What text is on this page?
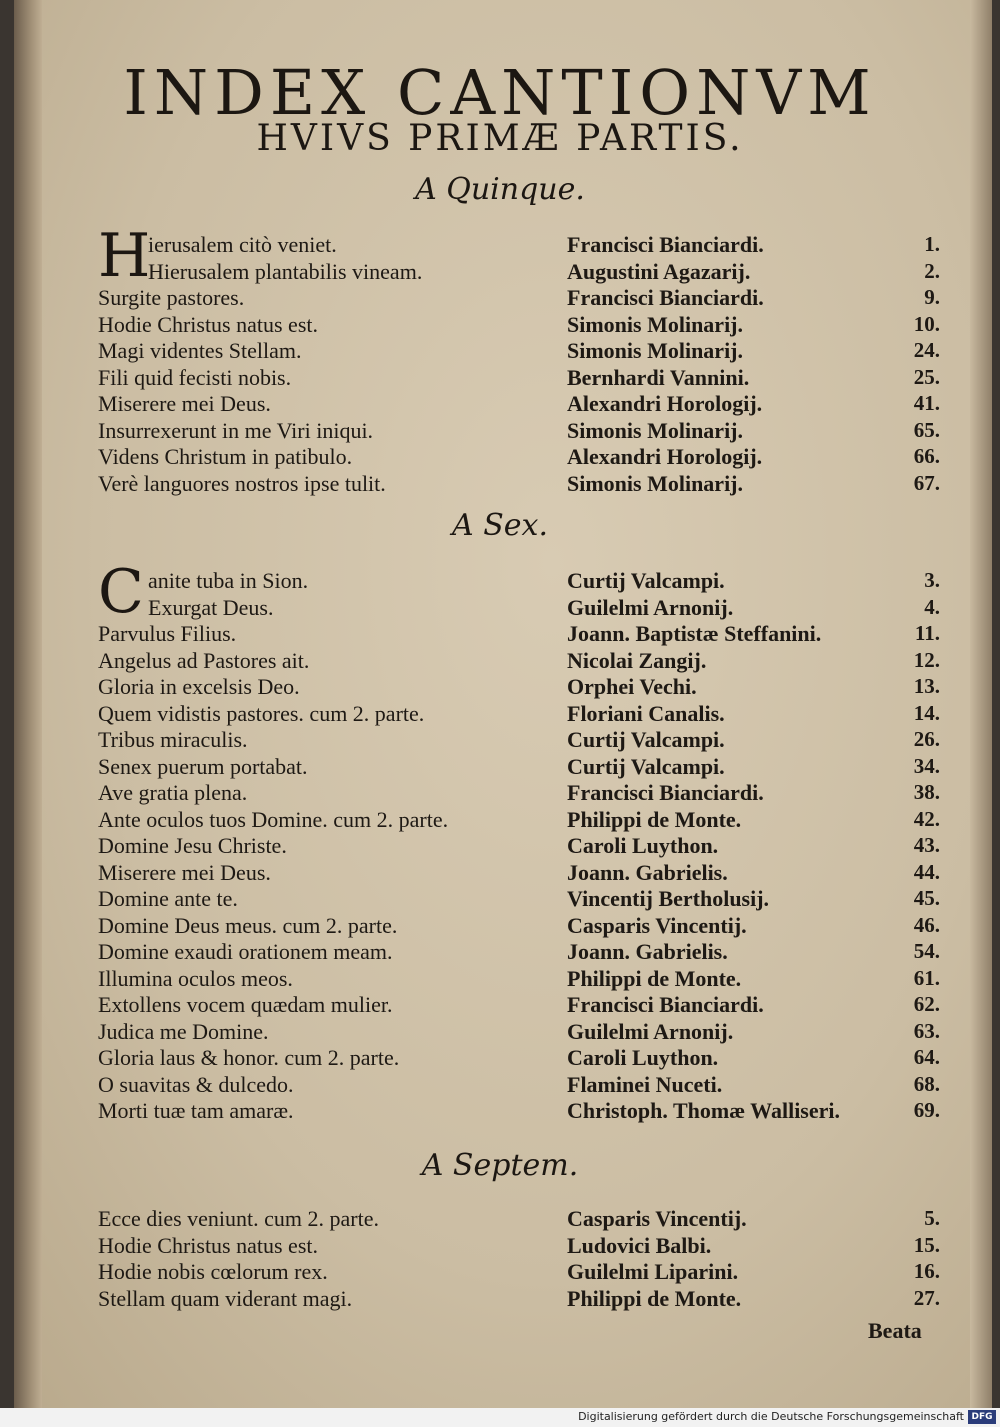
INDEX CANTIONVM
HVIVS PRIMÆ PARTIS.
A Quinque.
A Sex.
A Septem.
ierusalem citò veniet.	Francisci Bianciardi.	1.
Hierusalem plantabilis vineam.	Augustini Agazarij.	2.
Surgite pastores.	Francisci Bianciardi.	9.
Hodie Christus natus est.	Simonis Molinarij.	10.
Magi videntes Stellam.	Simonis Molinarij.	24.
Fili quid fecisti nobis.	Bernhardi Vannini.	25.
Miserere mei Deus.	Alexandri Horologij.	41.
Insurrexerunt in me Viri iniqui.	Simonis Molinarij.	65.
Videns Christum in patibulo.	Alexandri Horologij.	66.
Verè languores nostros ipse tulit.	Simonis Molinarij.	67.
anite tuba in Sion.	Curtij Valcampi.	3.
Exurgat Deus.	Guilelmi Arnonij.	4.
Parvulus Filius.	Joann. Baptistæ Steffanini.	11.
Angelus ad Pastores ait.	Nicolai Zangij.	12.
Gloria in excelsis Deo.	Orphei Vechi.	13.
Quem vidistis pastores. cum 2. parte.	Floriani Canalis.	14.
Tribus miraculis.	Curtij Valcampi.	26.
Senex puerum portabat.	Curtij Valcampi.	34.
Ave gratia plena.	Francisci Bianciardi.	38.
Ante oculos tuos Domine. cum 2. parte.	Philippi de Monte.	42.
Domine Jesu Christe.	Caroli Luython.	43.
Miserere mei Deus.	Joann. Gabrielis.	44.
Domine ante te.	Vincentij Bertholusij.	45.
Domine Deus meus. cum 2. parte.	Casparis Vincentij.	46.
Domine exaudi orationem meam.	Joann. Gabrielis.	54.
Illumina oculos meos.	Philippi de Monte.	61.
Extollens vocem quædam mulier.	Francisci Bianciardi.	62.
Judica me Domine.	Guilelmi Arnonij.	63.
Gloria laus & honor. cum 2. parte.	Caroli Luython.	64.
O suavitas & dulcedo.	Flaminei Nuceti.	68.
Morti tuæ tam amaræ.	Christoph. Thomæ Walliseri.	69.
Ecce dies veniunt. cum 2. parte.	Casparis Vincentij.	5.
Hodie Christus natus est.	Ludovici Balbi.	15.
Hodie nobis cœlorum rex.	Guilelmi Liparini.	16.
Stellam quam viderant magi.	Philippi de Monte.	27.
Beata
Digitalisierung gefördert durch die Deutsche Forschungsgemeinschaft DFG
H
C
